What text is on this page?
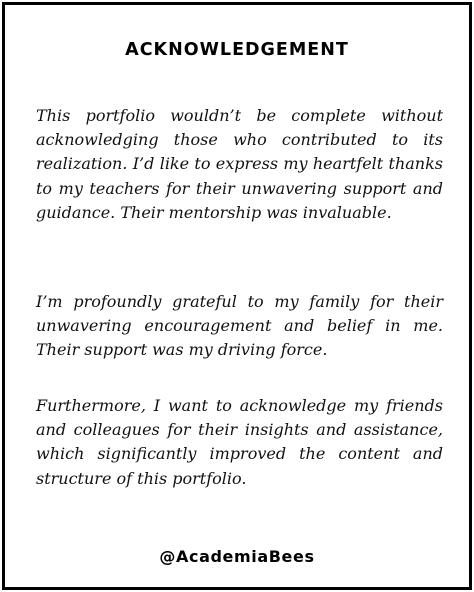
ACKNOWLEDGEMENT

This portfolio wouldn’t be complete without acknowledging those who contributed to its realization. I’d like to express my heartfelt thanks to my teachers for their unwavering support and guidance. Their mentorship was invaluable.

I’m profoundly grateful to my family for their unwavering encouragement and belief in me. Their support was my driving force.

Furthermore, I want to acknowledge my friends and colleagues for their insights and assistance, which significantly improved the content and structure of this portfolio.

@AcademiaBees
